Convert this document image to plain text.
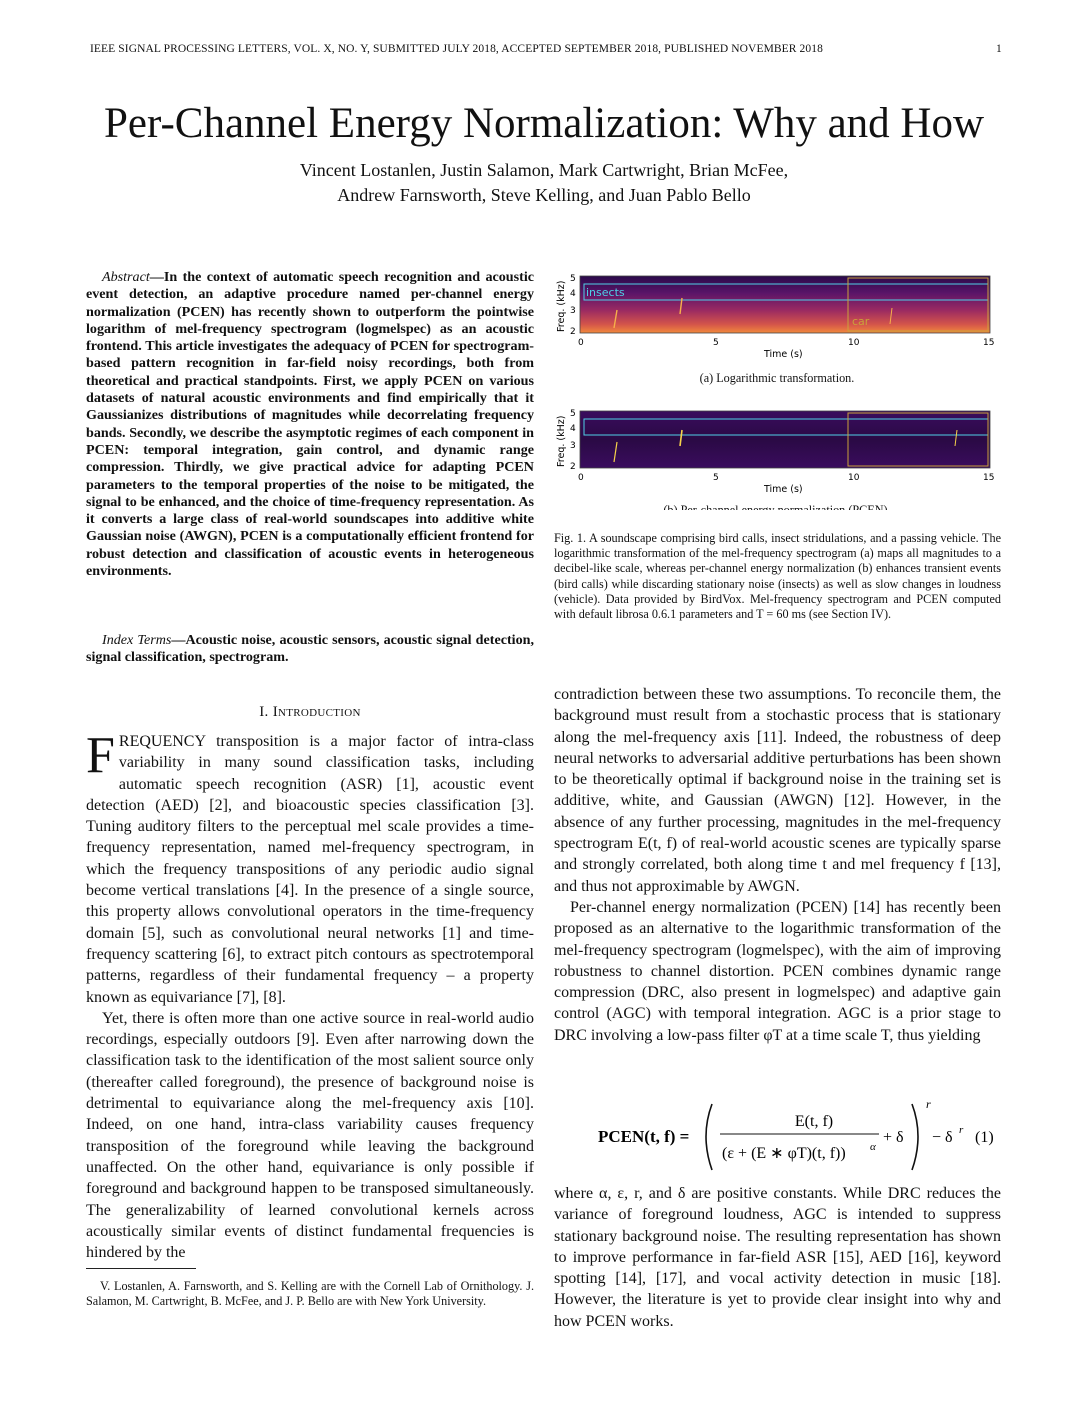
IEEE SIGNAL PROCESSING LETTERS, VOL. X, NO. Y, SUBMITTED JULY 2018, ACCEPTED SEPTEMBER 2018, PUBLISHED NOVEMBER 2018	1
Per-Channel Energy Normalization: Why and How
Vincent Lostanlen, Justin Salamon, Mark Cartwright, Brian McFee,
Andrew Farnsworth, Steve Kelling, and Juan Pablo Bello
Abstract—In the context of automatic speech recognition and acoustic event detection, an adaptive procedure named per-channel energy normalization (PCEN) has recently shown to outperform the pointwise logarithm of mel-frequency spectrogram (logmelspec) as an acoustic frontend. This article investigates the adequacy of PCEN for spectrogram-based pattern recognition in far-field noisy recordings, both from theoretical and practical standpoints. First, we apply PCEN on various datasets of natural acoustic environments and find empirically that it Gaussianizes distributions of magnitudes while decorrelating frequency bands. Secondly, we describe the asymptotic regimes of each component in PCEN: temporal integration, gain control, and dynamic range compression. Thirdly, we give practical advice for adapting PCEN parameters to the temporal properties of the noise to be mitigated, the signal to be enhanced, and the choice of time-frequency representation. As it converts a large class of real-world soundscapes into additive white Gaussian noise (AWGN), PCEN is a computationally efficient frontend for robust detection and classification of acoustic events in heterogeneous environments.
Index Terms—Acoustic noise, acoustic sensors, acoustic signal detection, signal classification, spectrogram.
I. Introduction

FREQUENCY transposition is a major factor of intra-class variability in many sound classification tasks, including automatic speech recognition (ASR) [1], acoustic event detection (AED) [2], and bioacoustic species classification [3]. Tuning auditory filters to the perceptual mel scale provides a time-frequency representation, named mel-frequency spectrogram, in which the frequency transpositions of any periodic audio signal become vertical translations [4]. In the presence of a single source, this property allows convolutional operators in the time-frequency domain [5], such as convolutional neural networks [1] and time-frequency scattering [6], to extract pitch contours as spectrotemporal patterns, regardless of their fundamental frequency – a property known as equivariance [7], [8].

Yet, there is often more than one active source in real-world audio recordings, especially outdoors [9]. Even after narrowing down the classification task to the identification of the most salient source only (thereafter called foreground), the presence of background noise is detrimental to equivariance along the mel-frequency axis [10]. Indeed, on one hand, intra-class variability causes frequency transposition of the foreground while leaving the background unaffected. On the other hand, equivariance is only possible if foreground and background happen to be transposed simultaneously. The generalizability of learned convolutional kernels across acoustically similar events of distinct fundamental frequencies is hindered by the

V. Lostanlen, A. Farnsworth, and S. Kelling are with the Cornell Lab of Ornithology. J. Salamon, M. Cartwright, B. McFee, and J. P. Bello are with New York University.
insects
car
5
4
3
2
Freq. (kHz)
0	5	10	15
Time (s)
(a) Logarithmic transformation.
5
4
3
2
Freq. (kHz)
0	5	10	15
Time (s)
(b) Per-channel energy normalization (PCEN).
Fig. 1. A soundscape comprising bird calls, insect stridulations, and a passing vehicle. The logarithmic transformation of the mel-frequency spectrogram (a) maps all magnitudes to a decibel-like scale, whereas per-channel energy normalization (b) enhances transient events (bird calls) while discarding stationary noise (insects) as well as slow changes in loudness (vehicle). Data provided by BirdVox. Mel-frequency spectrogram and PCEN computed with default librosa 0.6.1 parameters and T = 60 ms (see Section IV).

contradiction between these two assumptions. To reconcile them, the background must result from a stochastic process that is stationary along the mel-frequency axis [11]. Indeed, the robustness of deep neural networks to adversarial additive perturbations has been shown to be theoretically optimal if background noise in the training set is additive, white, and Gaussian (AWGN) [12]. However, in the absence of any further processing, magnitudes in the mel-frequency spectrogram E(t, f) of real-world acoustic scenes are typically sparse and strongly correlated, both along time t and mel frequency f [13], and thus not approximable by AWGN.

Per-channel energy normalization (PCEN) [14] has recently been proposed as an alternative to the logarithmic transformation of the mel-frequency spectrogram (logmelspec), with the aim of improving robustness to channel distortion. PCEN combines dynamic range compression (DRC, also present in logmelspec) and adaptive gain control (AGC) with temporal integration. AGC is a prior stage to DRC involving a low-pass filter φT at a time scale T, thus yielding

PCEN(t, f) =
E(t, f)
(ε + (E ∗ φT)(t, f)) α
+ δ
r
− δ r (1)

where α, ε, r, and δ are positive constants. While DRC reduces the variance of foreground loudness, AGC is intended to suppress stationary background noise. The resulting representation has shown to improve performance in far-field ASR [15], AED [16], keyword spotting [14], [17], and vocal activity detection in music [18]. However, the literature is yet to provide clear insight into why and how PCEN works.
